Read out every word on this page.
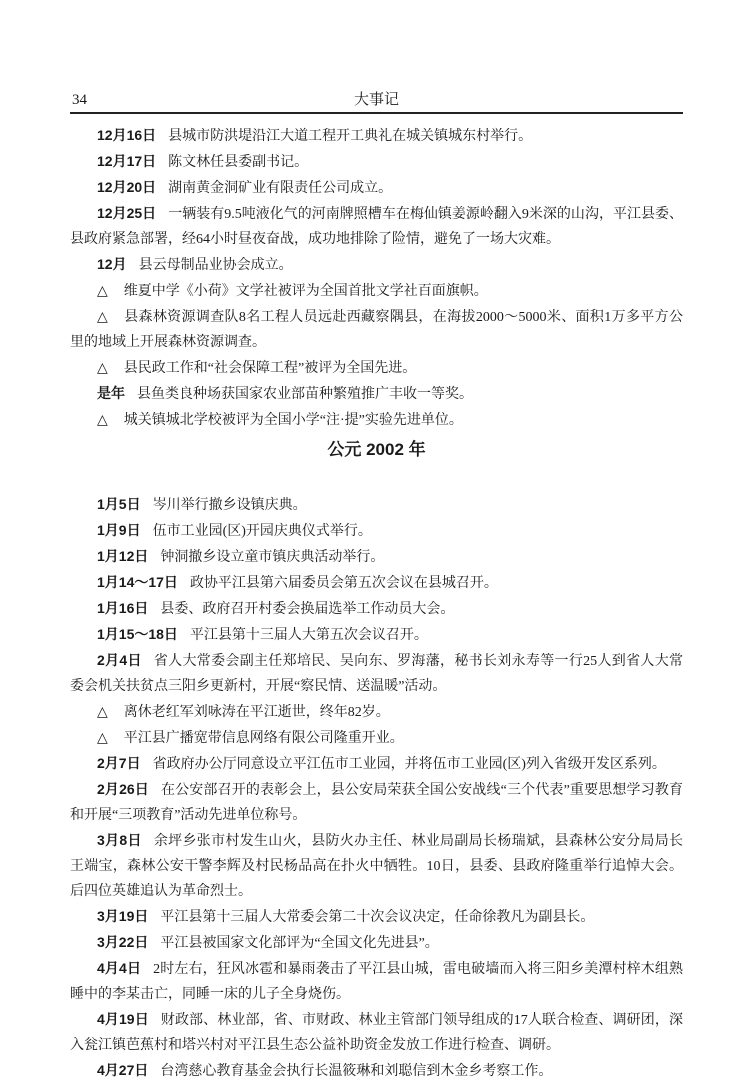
34	大事记

12月16日 县城市防洪堤沿江大道工程开工典礼在城关镇城东村举行。

12月17日 陈文林任县委副书记。

12月20日 湖南黄金洞矿业有限责任公司成立。

12月25日 一辆装有9.5吨液化气的河南牌照槽车在梅仙镇姜源岭翻入9米深的山沟，平江县委、县政府紧急部署，经64小时昼夜奋战，成功地排除了险情，避免了一场大灾难。

12月 县云母制品业协会成立。

△ 维夏中学《小荷》文学社被评为全国首批文学社百面旗帜。

△ 县森林资源调查队8名工程人员远赴西藏察隅县，在海拔2000～5000米、面积1万多平方公里的地域上开展森林资源调查。

△ 县民政工作和“社会保障工程”被评为全国先进。

是年 县鱼类良种场获国家农业部苗种繁殖推广丰收一等奖。

△ 城关镇城北学校被评为全国小学“注·提”实验先进单位。

公元 2002 年

1月5日 岑川举行撤乡设镇庆典。

1月9日 伍市工业园(区)开园庆典仪式举行。

1月12日 钟洞撤乡设立童市镇庆典活动举行。

1月14～17日 政协平江县第六届委员会第五次会议在县城召开。

1月16日 县委、政府召开村委会换届选举工作动员大会。

1月15～18日 平江县第十三届人大第五次会议召开。

2月4日 省人大常委会副主任郑培民、吴向东、罗海藩，秘书长刘永寿等一行25人到省人大常委会机关扶贫点三阳乡更新村，开展“察民情、送温暖”活动。

△ 离休老红军刘咏涛在平江逝世，终年82岁。

△ 平江县广播宽带信息网络有限公司隆重开业。

2月7日 省政府办公厅同意设立平江伍市工业园，并将伍市工业园(区)列入省级开发区系列。

2月26日 在公安部召开的表彰会上，县公安局荣获全国公安战线“三个代表”重要思想学习教育和开展“三项教育”活动先进单位称号。

3月8日 余坪乡张市村发生山火，县防火办主任、林业局副局长杨瑞斌，县森林公安分局局长王端宝，森林公安干警李辉及村民杨品高在扑火中牺牲。10日，县委、县政府隆重举行追悼大会。后四位英雄追认为革命烈士。

3月19日 平江县第十三届人大常委会第二十次会议决定，任命徐教凡为副县长。

3月22日 平江县被国家文化部评为“全国文化先进县”。

4月4日 2时左右，狂风冰雹和暴雨袭击了平江县山城，雷电破墙而入将三阳乡美潭村梓木组熟睡中的李某击亡，同睡一床的儿子全身烧伤。

4月19日 财政部、林业部，省、市财政、林业主管部门领导组成的17人联合检查、调研团，深入瓮江镇芭蕉村和塔兴村对平江县生态公益补助资金发放工作进行检查、调研。

4月27日 台湾慈心教育基金会执行长温筱琳和刘聪信到木金乡考察工作。
